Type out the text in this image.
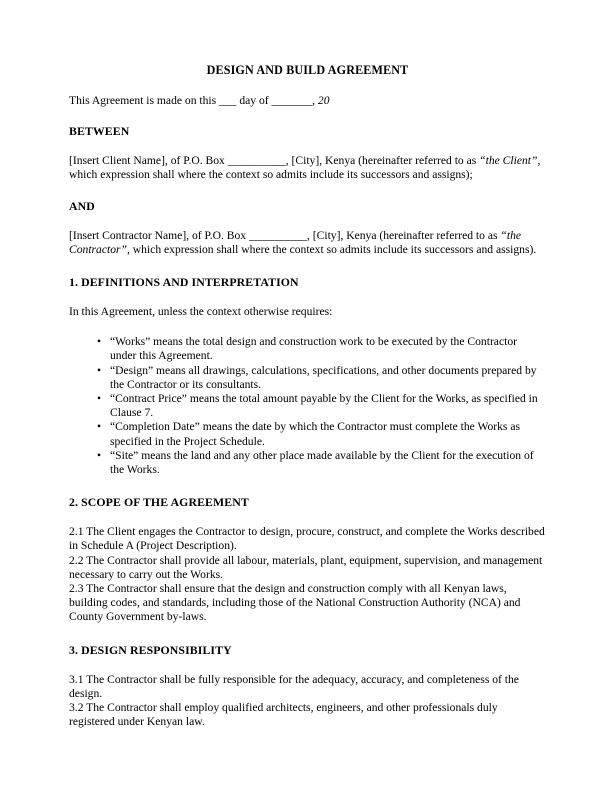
DESIGN AND BUILD AGREEMENT

This Agreement is made on this ___ day of _______, 20

BETWEEN

[Insert Client Name], of P.O. Box __________, [City], Kenya (hereinafter referred to as “the Client”, which expression shall where the context so admits include its successors and assigns);

AND

[Insert Contractor Name], of P.O. Box __________, [City], Kenya (hereinafter referred to as “the Contractor”, which expression shall where the context so admits include its successors and assigns).

1. DEFINITIONS AND INTERPRETATION

In this Agreement, unless the context otherwise requires:

• “Works” means the total design and construction work to be executed by the Contractor under this Agreement.
• “Design” means all drawings, calculations, specifications, and other documents prepared by the Contractor or its consultants.
• “Contract Price” means the total amount payable by the Client for the Works, as specified in Clause 7.
• “Completion Date” means the date by which the Contractor must complete the Works as specified in the Project Schedule.
• “Site” means the land and any other place made available by the Client for the execution of the Works.
2. SCOPE OF THE AGREEMENT

2.1 The Client engages the Contractor to design, procure, construct, and complete the Works described in Schedule A (Project Description).

2.2 The Contractor shall provide all labour, materials, plant, equipment, supervision, and management necessary to carry out the Works.

2.3 The Contractor shall ensure that the design and construction comply with all Kenyan laws, building codes, and standards, including those of the National Construction Authority (NCA) and County Government by-laws.

3. DESIGN RESPONSIBILITY

3.1 The Contractor shall be fully responsible for the adequacy, accuracy, and completeness of the design.

3.2 The Contractor shall employ qualified architects, engineers, and other professionals duly registered under Kenyan law.
